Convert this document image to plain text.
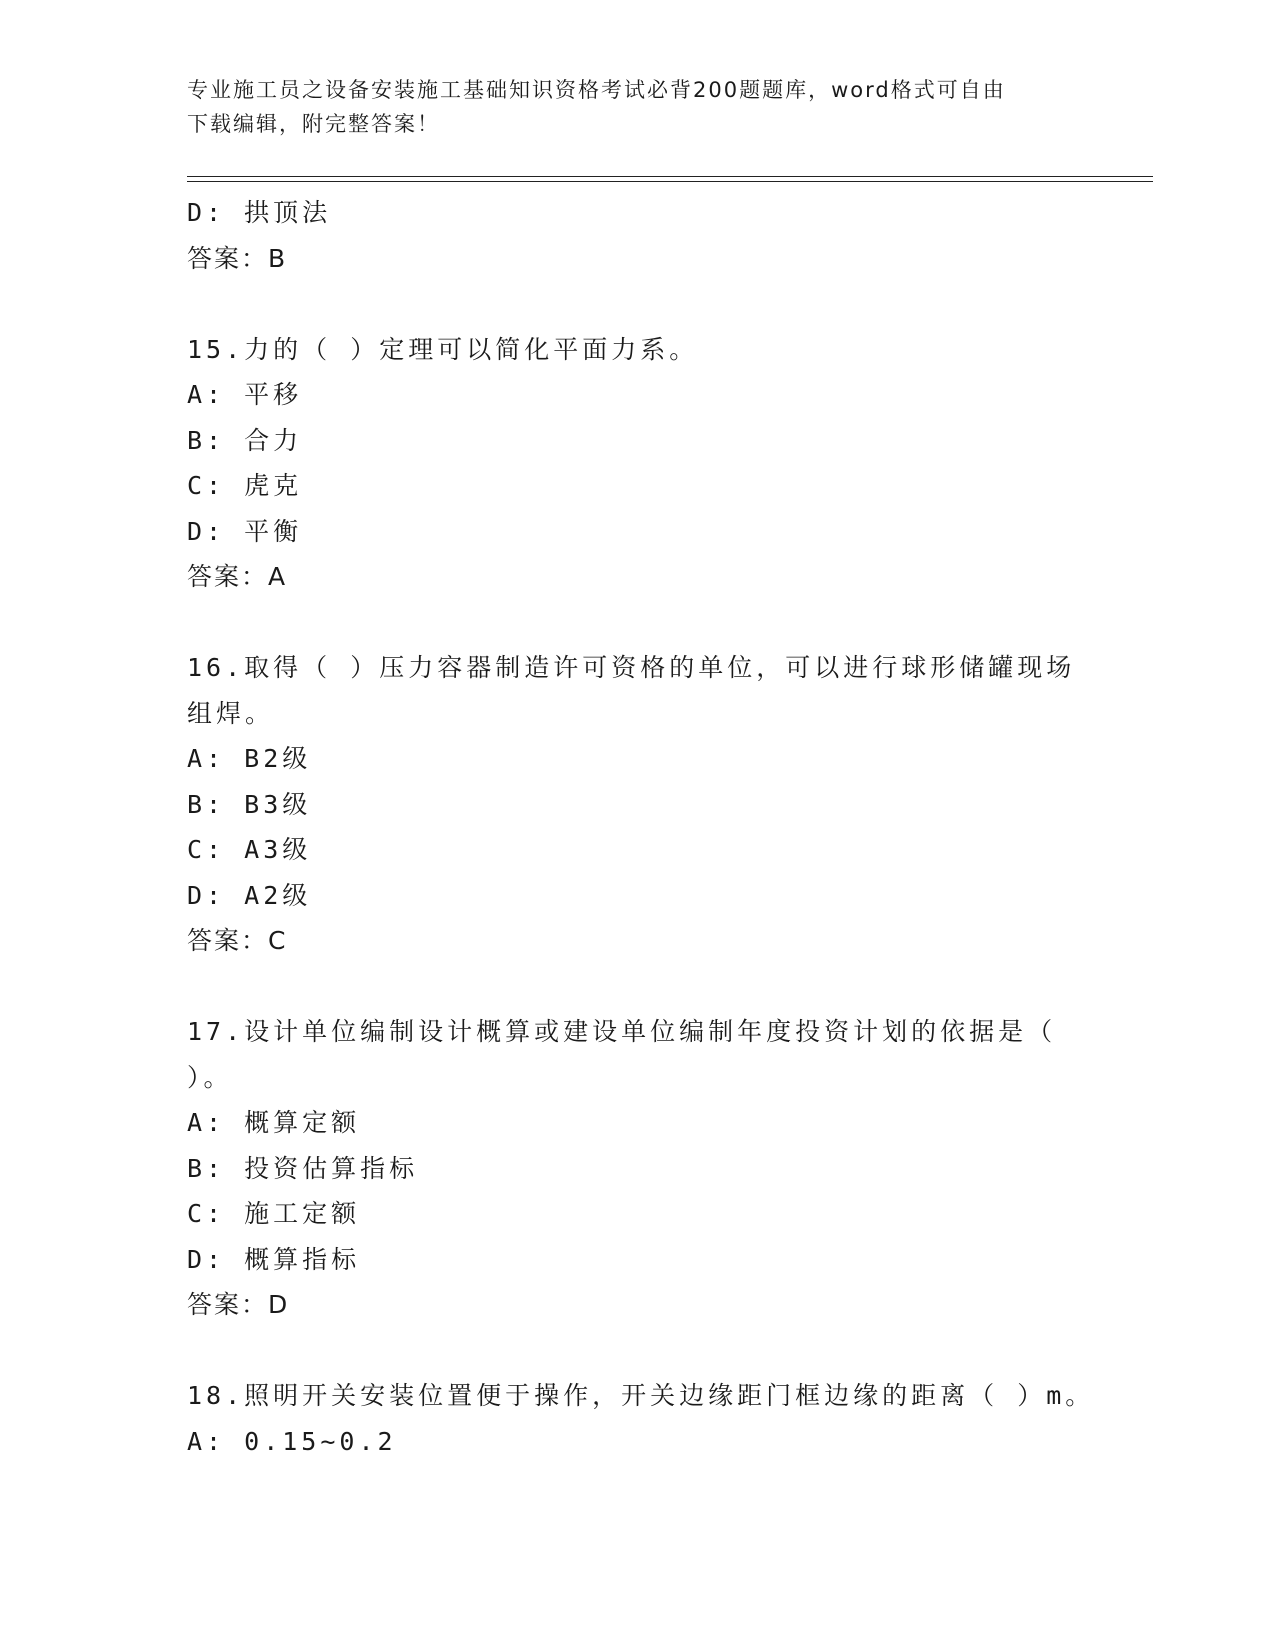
专业施工员之设备安装施工基础知识资格考试必背200题题库，word格式可自由
下载编辑，附完整答案！
D: 拱顶法
答案：B
15.力的（ ）定理可以简化平面力系。
A: 平移
B: 合力
C: 虎克
D: 平衡
答案：A
16.取得（ ）压力容器制造许可资格的单位，可以进行球形储罐现场
组焊。
A: B2级
B: B3级
C: A3级
D: A2级
答案：C
17.设计单位编制设计概算或建设单位编制年度投资计划的依据是（
）。
A: 概算定额
B: 投资估算指标
C: 施工定额
D: 概算指标
答案：D
18.照明开关安装位置便于操作，开关边缘距门框边缘的距离（ ）m。
A: 0.15~0.2
